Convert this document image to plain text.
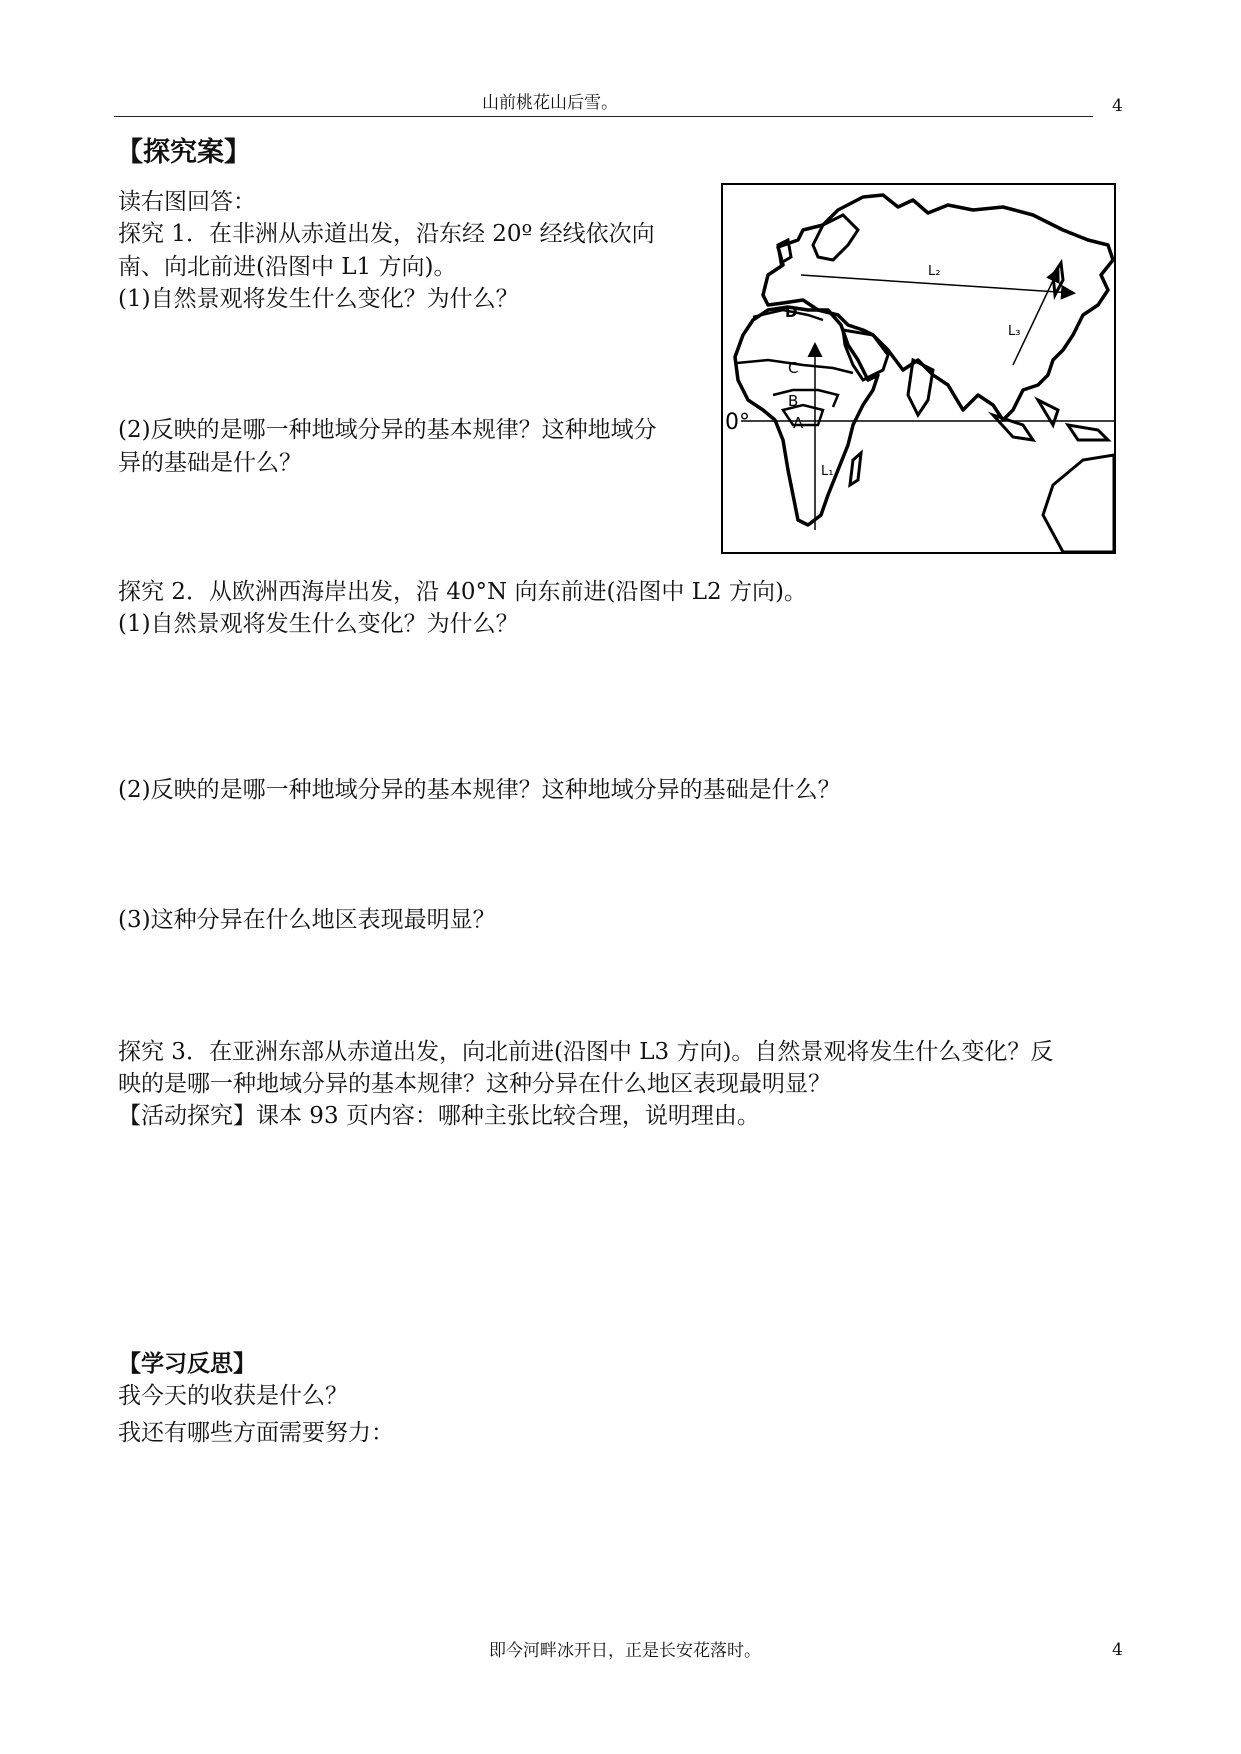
山前桃花山后雪。	4
【探究案】
读右图回答：
探究 1．在非洲从赤道出发，沿东经 20º 经线依次向
南、向北前进(沿图中 L1 方向)。
(1)自然景观将发生什么变化？为什么？
(2)反映的是哪一种地域分异的基本规律？这种地域分
异的基础是什么？
0°
D
C
B
A
L₁
L₂
L₃
探究 2．从欧洲西海岸出发，沿 40°N 向东前进(沿图中 L2 方向)。
(1)自然景观将发生什么变化？为什么？
(2)反映的是哪一种地域分异的基本规律？这种地域分异的基础是什么？
(3)这种分异在什么地区表现最明显？
探究 3．在亚洲东部从赤道出发，向北前进(沿图中 L3 方向)。自然景观将发生什么变化？反
映的是哪一种地域分异的基本规律？这种分异在什么地区表现最明显？
【活动探究】课本 93 页内容：哪种主张比较合理，说明理由。
【学习反思】
我今天的收获是什么？
我还有哪些方面需要努力：
即今河畔冰开日，正是长安花落时。	4
